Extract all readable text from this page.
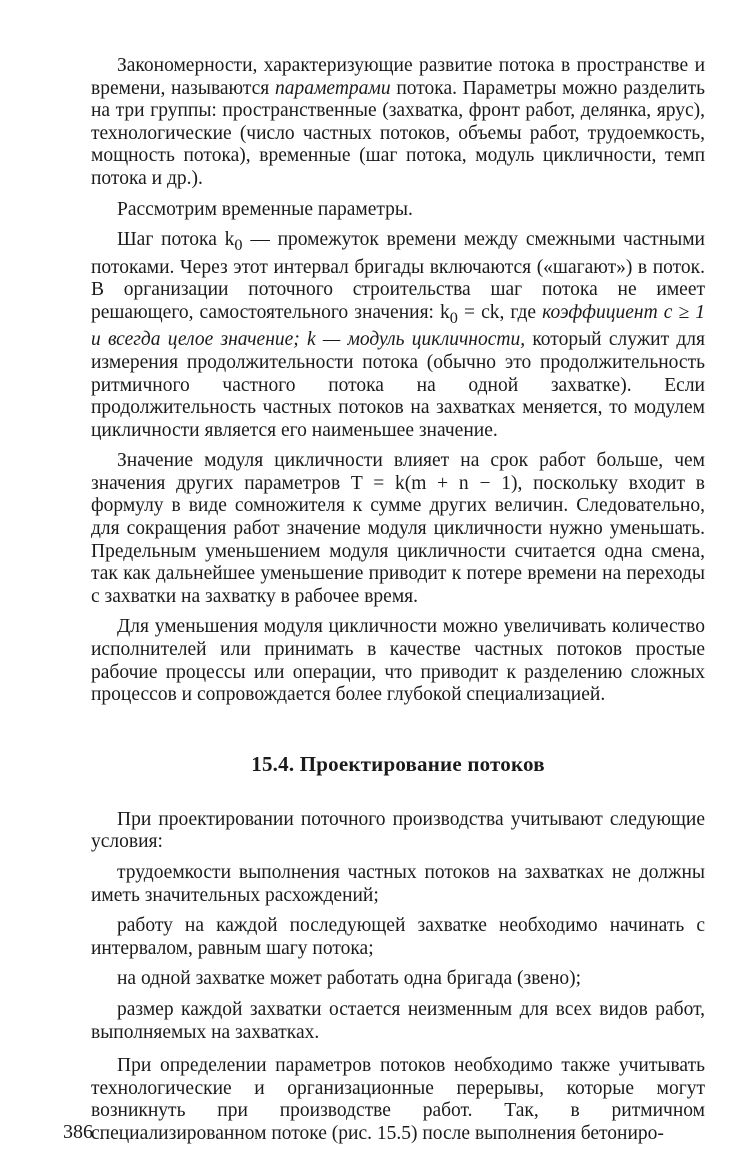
Закономерности, характеризующие развитие потока в пространстве и времени, называются параметрами потока. Параметры можно разделить на три группы: пространственные (захватка, фронт работ, делянка, ярус), технологические (число частных потоков, объемы работ, трудоемкость, мощность потока), временные (шаг потока, модуль цикличности, темп потока и др.).

Рассмотрим временные параметры.

Шаг потока $k_0$ — промежуток времени между смежными частными потоками. Через этот интервал бригады включаются («шагают») в поток. В организации поточного строительства шаг потока не имеет решающего, самостоятельного значения: $k_0$ = ck, где коэффициент c ≥ 1 и всегда целое значение; k — модуль цикличности, который служит для измерения продолжительности потока (обычно это продолжительность ритмичного частного потока на одной захватке). Если продолжительность частных потоков на захватках меняется, то модулем цикличности является его наименьшее значение.

Значение модуля цикличности влияет на срок работ больше, чем значения других параметров T = k(m + n − 1), поскольку входит в формулу в виде сомножителя к сумме других величин. Следовательно, для сокращения работ значение модуля цикличности нужно уменьшать. Предельным уменьшением модуля цикличности считается одна смена, так как дальнейшее уменьшение приводит к потере времени на переходы с захватки на захватку в рабочее время.

Для уменьшения модуля цикличности можно увеличивать количество исполнителей или принимать в качестве частных потоков простые рабочие процессы или операции, что приводит к разделению сложных процессов и сопровождается более глубокой специализацией.

15.4. Проектирование потоков

При проектировании поточного производства учитывают следующие условия:

трудоемкости выполнения частных потоков на захватках не должны иметь значительных расхождений;

работу на каждой последующей захватке необходимо начинать с интервалом, равным шагу потока;

на одной захватке может работать одна бригада (звено);

размер каждой захватки остается неизменным для всех видов работ, выполняемых на захватках.

При определении параметров потоков необходимо также учитывать технологические и организационные перерывы, которые могут возникнуть при производстве работ. Так, в ритмичном специализированном потоке (рис. 15.5) после выполнения бетониро-

386
